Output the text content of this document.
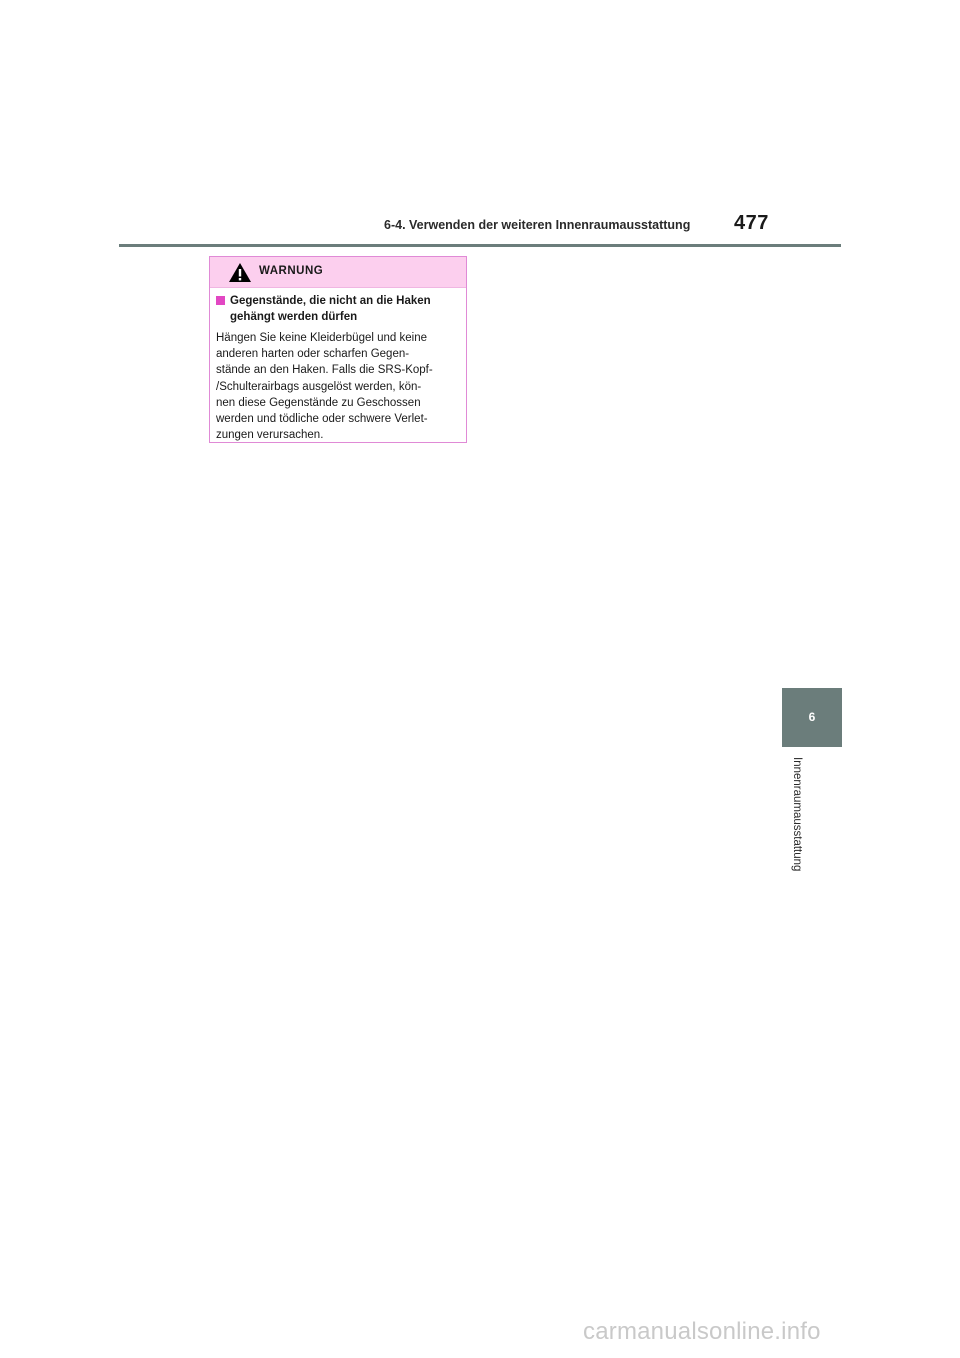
6-4. Verwenden der weiteren Innenraumausstattung 477
WARNUNG
Gegenstände, die nicht an die Haken
gehängt werden dürfen
Hängen Sie keine Kleiderbügel und keine
anderen harten oder scharfen Gegen-
stände an den Haken. Falls die SRS-Kopf-
/Schulterairbags ausgelöst werden, kön-
nen diese Gegenstände zu Geschossen
werden und tödliche oder schwere Verlet-
zungen verursachen.
6
Innenraumausstattung
carmanualsonline.info
